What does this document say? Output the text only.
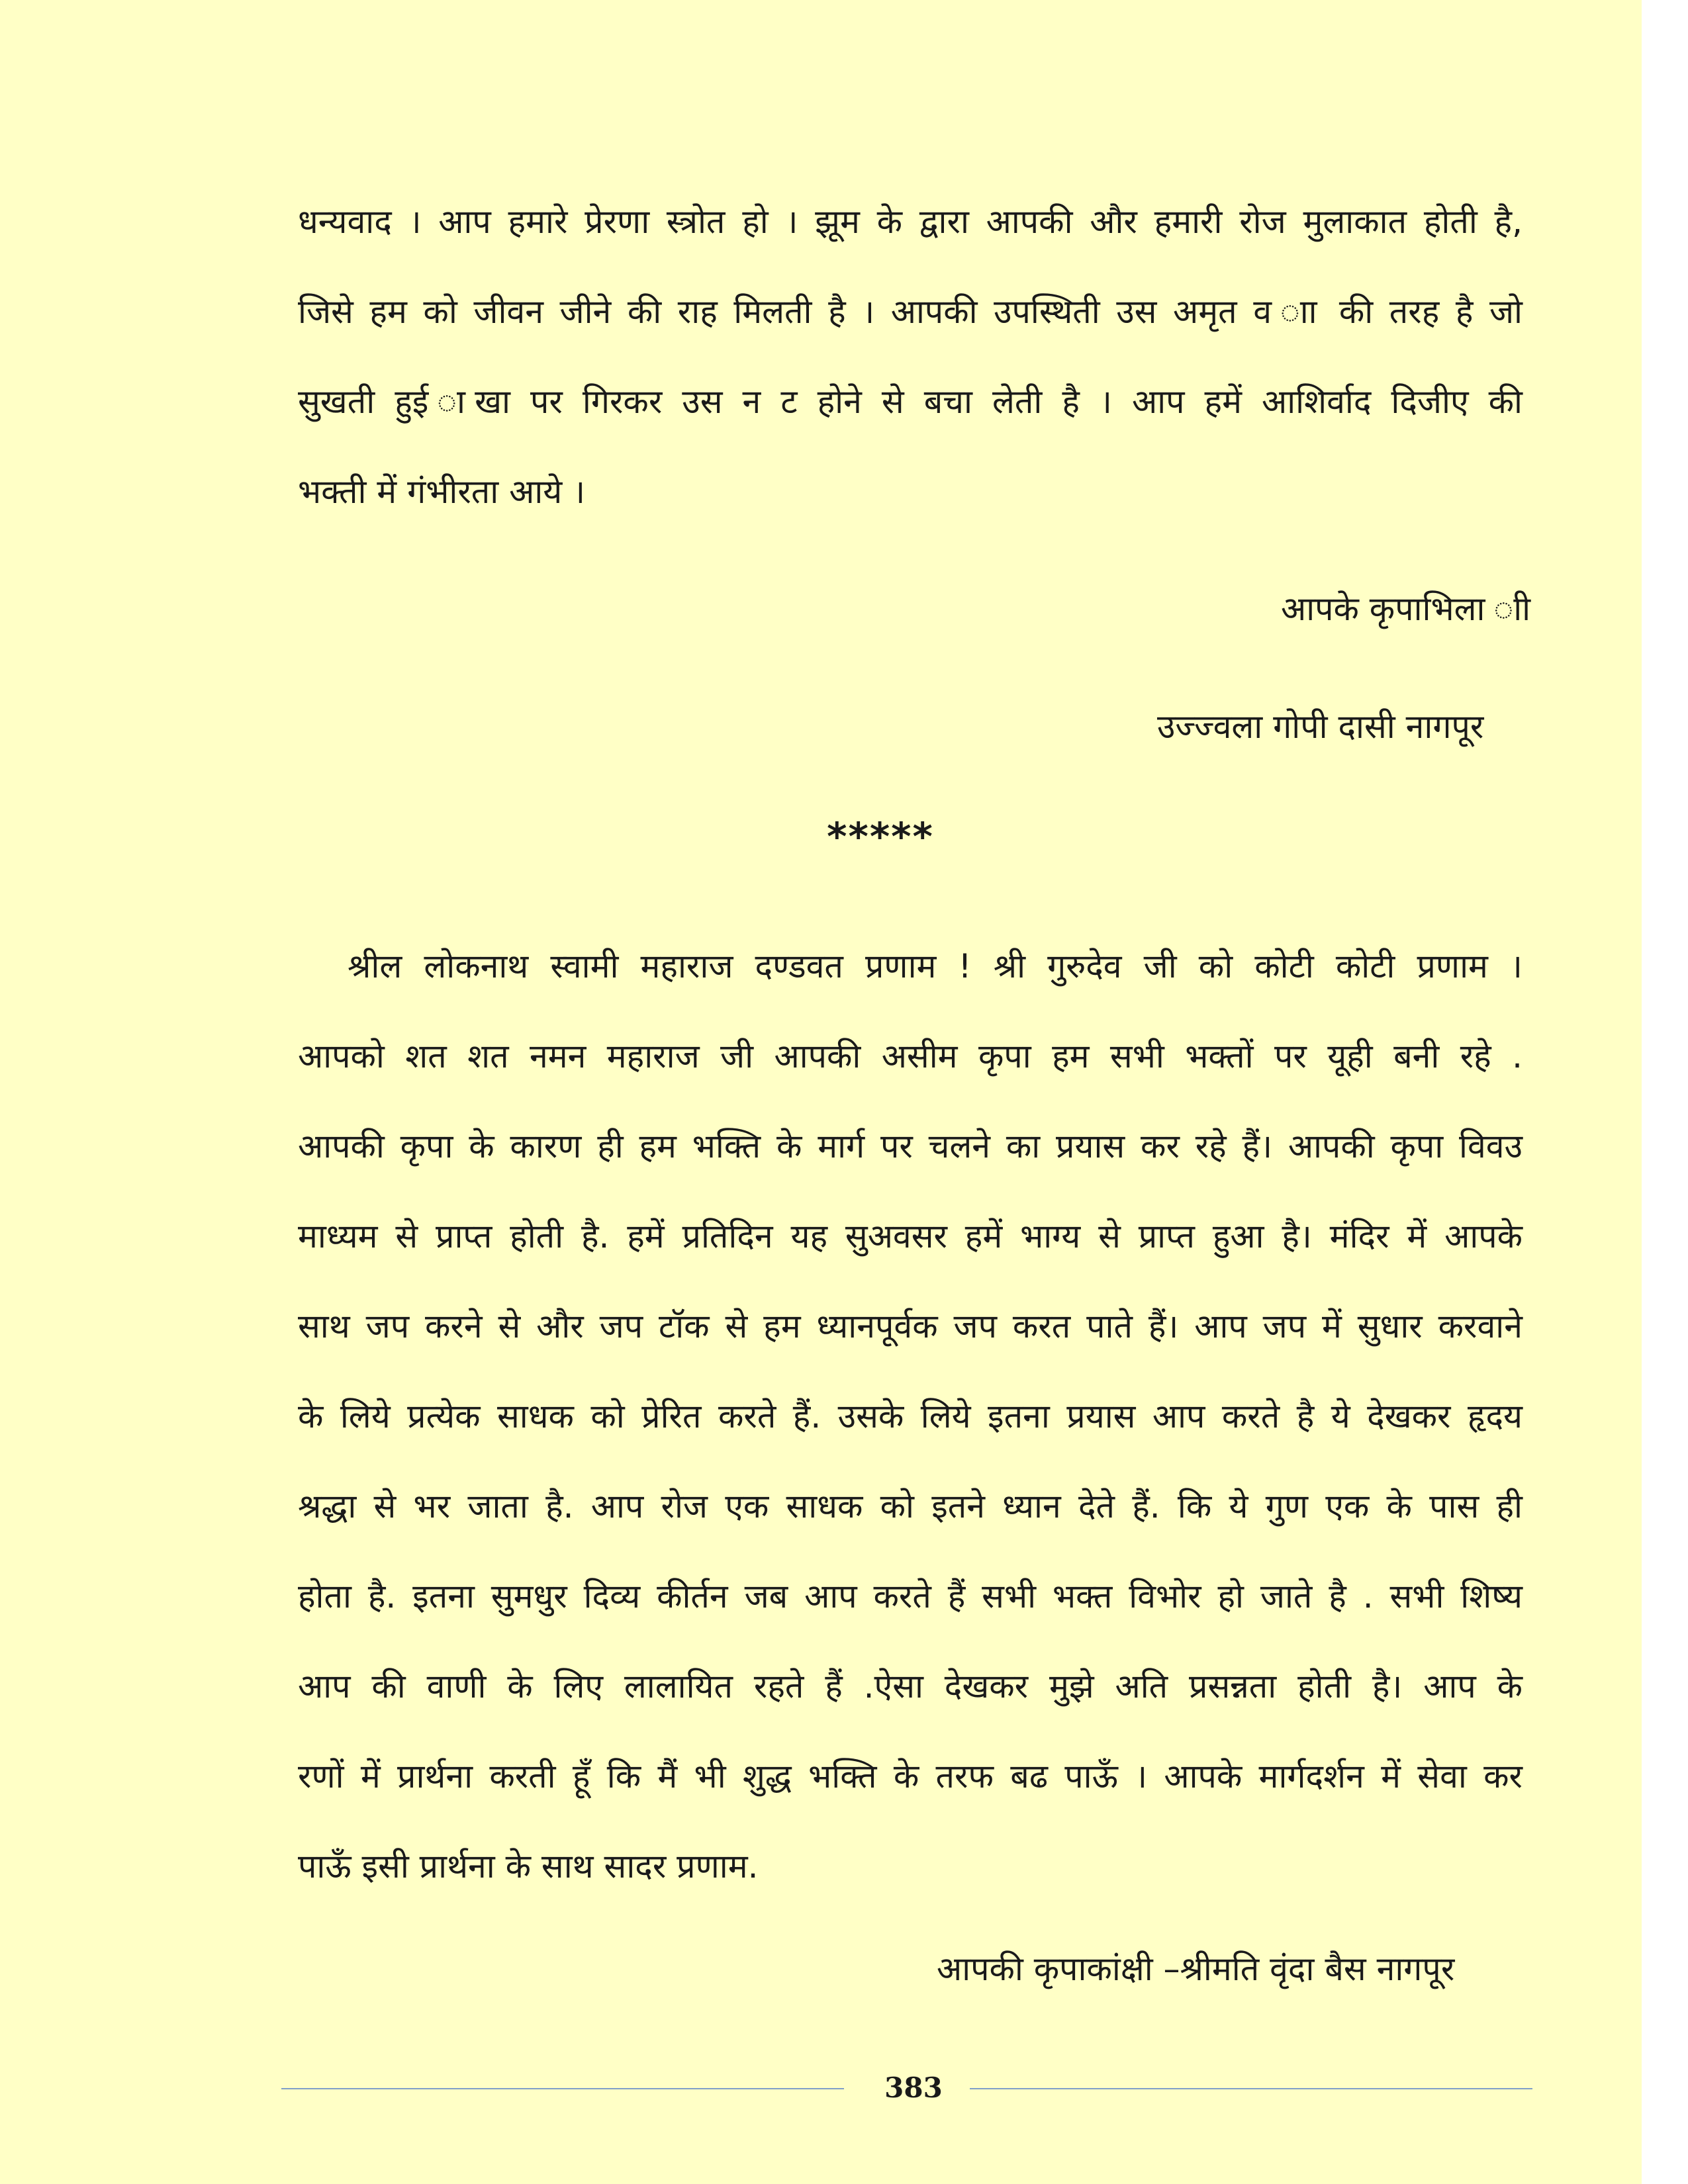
धन्यवाद । आप हमारे प्रेरणा स्त्रोत हो । झूम के द्वारा आपकी और हमारी रोज मुलाकात होती है,
जिसे हम को जीवन जीने की राह मिलती है । आपकी उपस्थिती उस अमृत व ाा की तरह है जो
सुखती हुई ाखा पर गिरकर उस न ट होने से बचा लेती है । आप हमें आशिर्वाद दिजीए की
भक्ती में गंभीरता आये ।
आपके कृपाभिला ाी
उज्ज्वला गोपी दासी नागपूर
*****
श्रील लोकनाथ स्वामी महाराज दण्डवत प्रणाम ! श्री गुरुदेव जी को कोटी कोटी प्रणाम ।
आपको शत शत नमन महाराज जी आपकी असीम कृपा हम सभी भक्तों पर यूही बनी रहे .
आपकी कृपा के कारण ही हम भक्ति के मार्ग पर चलने का प्रयास कर रहे हैं। आपकी कृपा विवउ
माध्यम से प्राप्त होती है. हमें प्रतिदिन यह सुअवसर हमें भाग्य से प्राप्त हुआ है। मंदिर में आपके
साथ जप करने से और जप टॉक से हम ध्यानपूर्वक जप करत पाते हैं। आप जप में सुधार करवाने
के लिये प्रत्येक साधक को प्रेरित करते हैं. उसके लिये इतना प्रयास आप करते है ये देखकर हृदय
श्रद्धा से भर जाता है. आप रोज एक साधक को इतने ध्यान देते हैं. कि ये गुण एक के पास ही
होता है. इतना सुमधुर दिव्य कीर्तन जब आप करते हैं सभी भक्त विभोर हो जाते है . सभी शिष्य
आप की वाणी के लिए लालायित रहते हैं .ऐसा देखकर मुझे अति प्रसन्नता होती है। आप के
रणों में प्रार्थना करती हूँ कि मैं भी शुद्ध भक्ति के तरफ बढ पाऊँ । आपके मार्गदर्शन में सेवा कर
पाऊँ इसी प्रार्थना के साथ सादर प्रणाम.
आपकी कृपाकांक्षी –श्रीमति वृंदा बैस नागपूर
383
